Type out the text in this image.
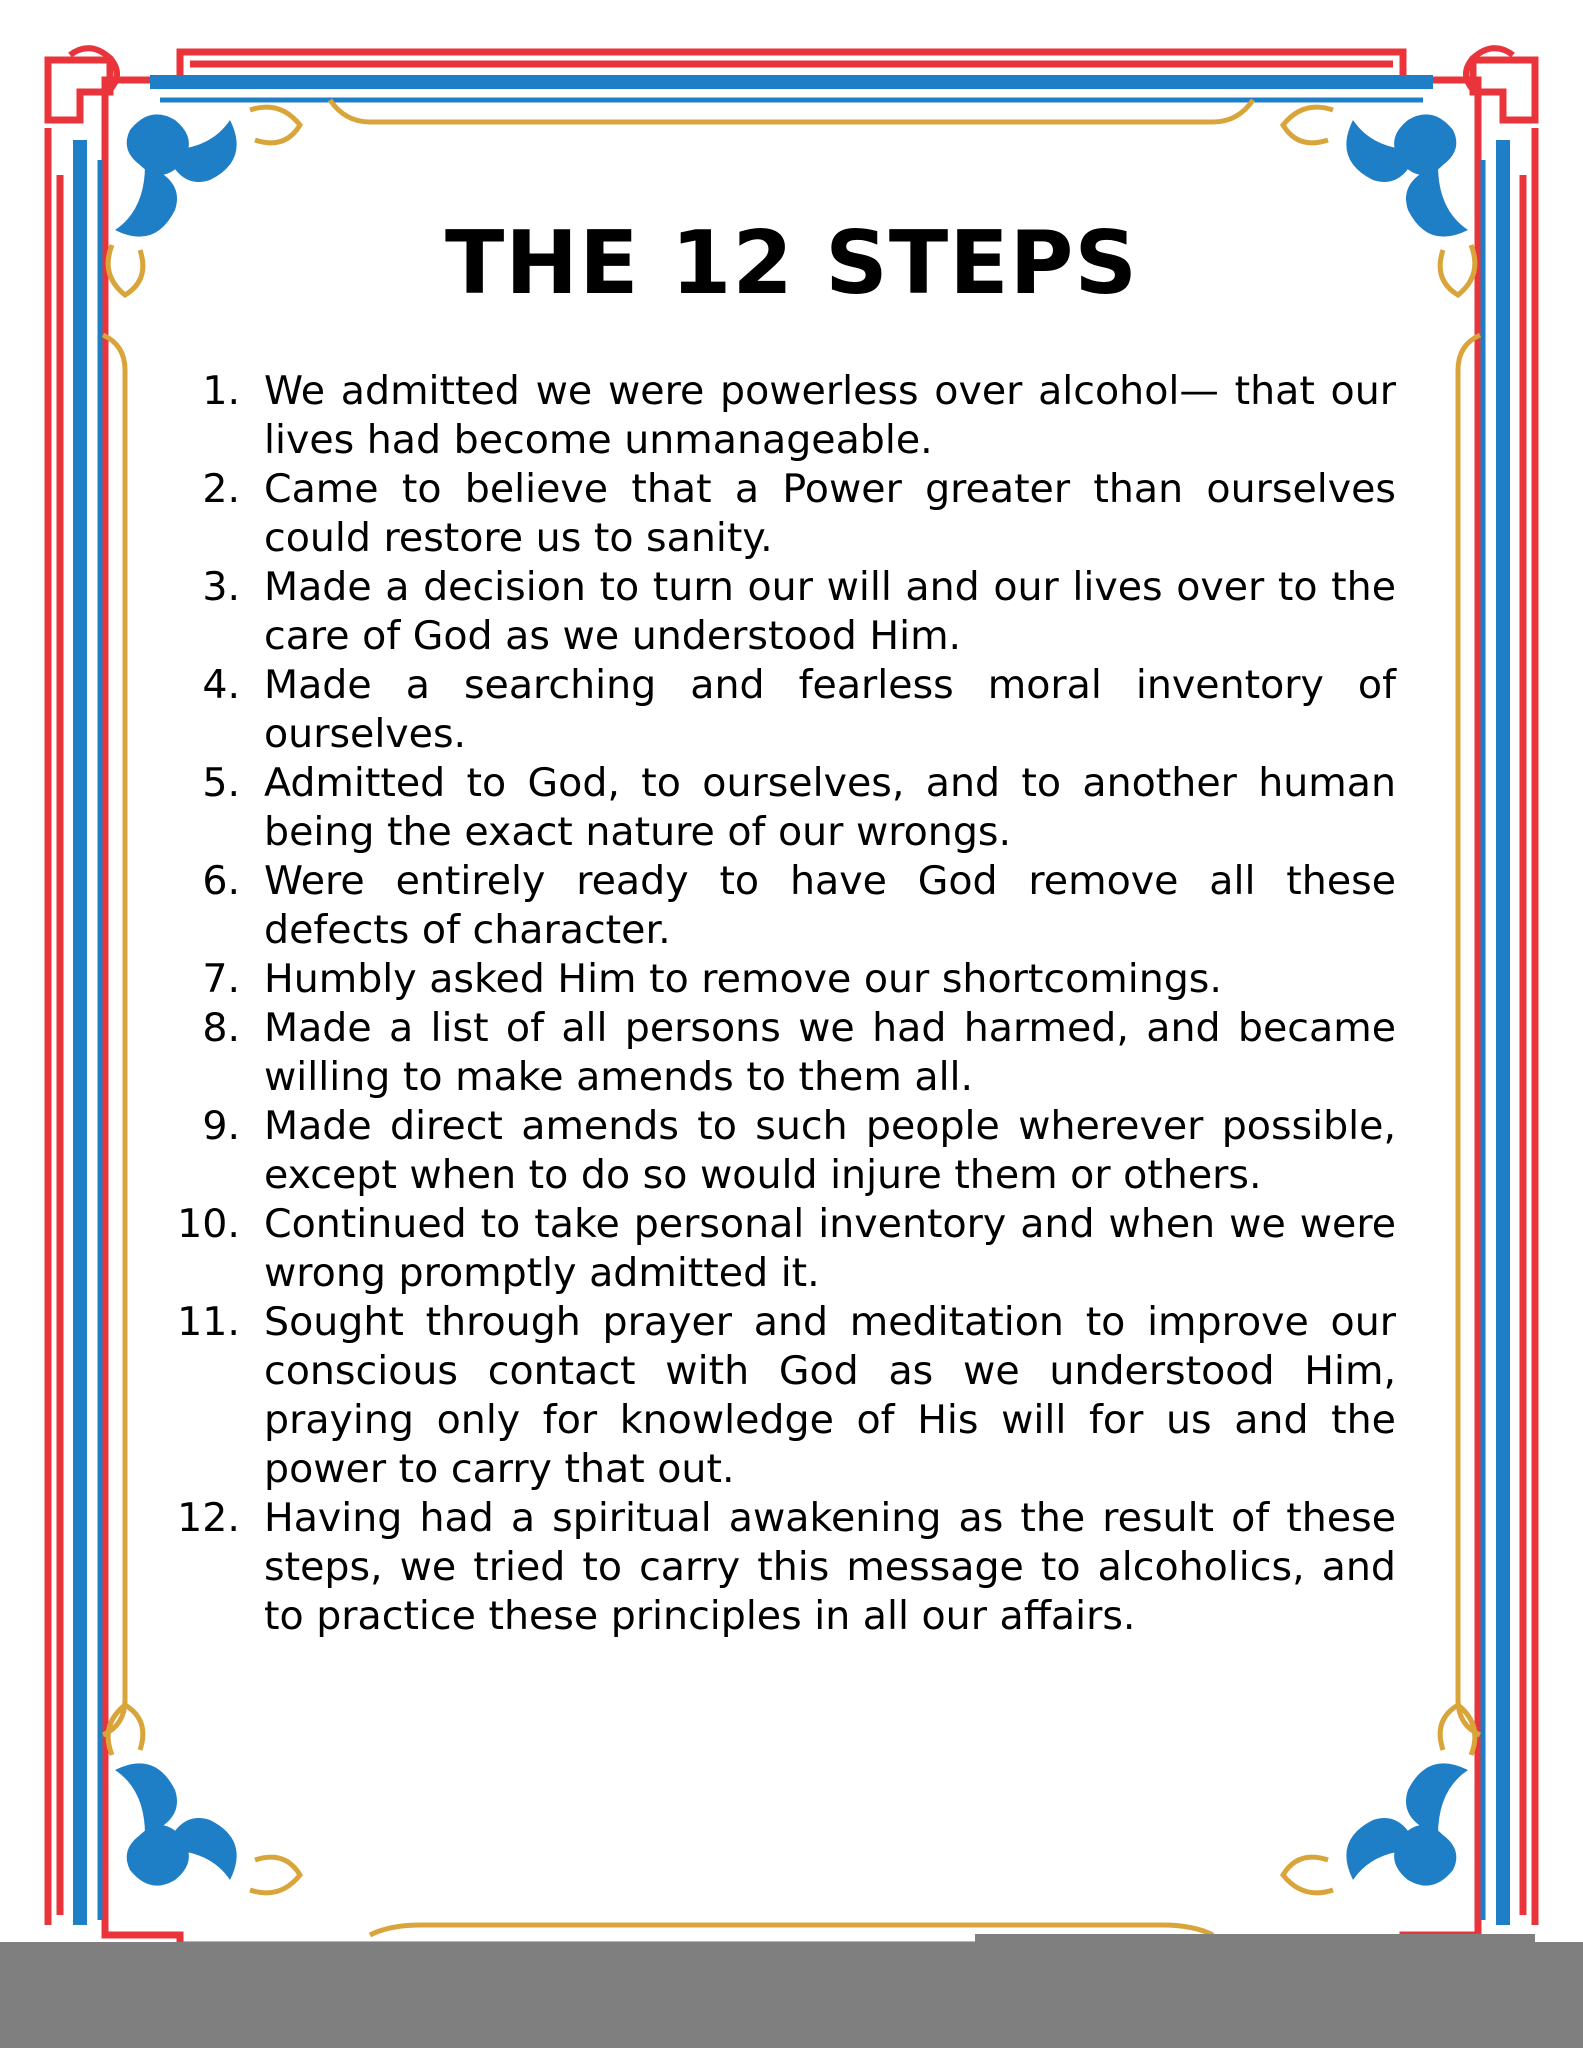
THE 12 STEPS
1. We admitted we were powerless over alcohol— that our lives had become unmanageable.
2. Came to believe that a Power greater than ourselves could restore us to sanity.
3. Made a decision to turn our will and our lives over to the care of God as we understood Him.
4. Made a searching and fearless moral inventory of ourselves.
5. Admitted to God, to ourselves, and to another human being the exact nature of our wrongs.
6. Were entirely ready to have God remove all these defects of character.
7. Humbly asked Him to remove our shortcomings.
8. Made a list of all persons we had harmed, and became willing to make amends to them all.
9. Made direct amends to such people wherever possible, except when to do so would injure them or others.
10. Continued to take personal inventory and when we were wrong promptly admitted it.
11. Sought through prayer and meditation to improve our conscious contact with God as we understood Him, praying only for knowledge of His will for us and the power to carry that out.
12. Having had a spiritual awakening as the result of these steps, we tried to carry this message to alcoholics, and to practice these principles in all our affairs.
